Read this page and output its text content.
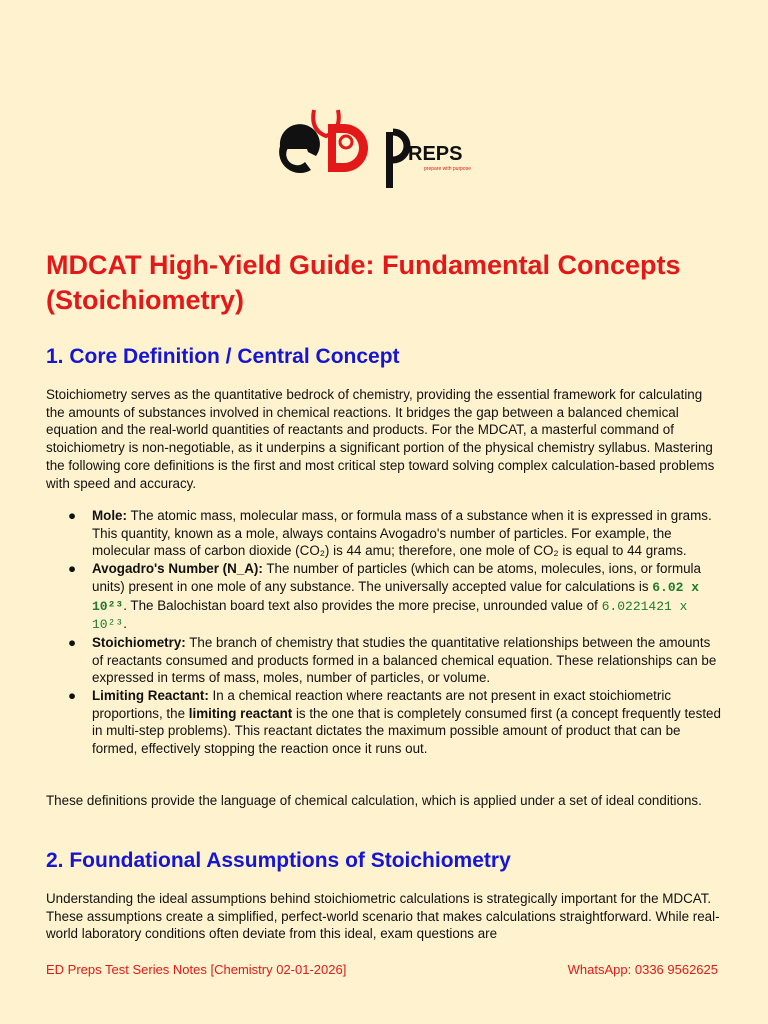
REPS
prepare with purpose
MDCAT High-Yield Guide: Fundamental Concepts (Stoichiometry)
1. Core Definition / Central Concept

Stoichiometry serves as the quantitative bedrock of chemistry, providing the essential framework for calculating the amounts of substances involved in chemical reactions. It bridges the gap between a balanced chemical equation and the real-world quantities of reactants and products. For the MDCAT, a masterful command of stoichiometry is non-negotiable, as it underpins a significant portion of the physical chemistry syllabus. Mastering the following core definitions is the first and most critical step toward solving complex calculation-based problems with speed and accuracy.

● Mole: The atomic mass, molecular mass, or formula mass of a substance when it is expressed in grams. This quantity, known as a mole, always contains Avogadro's number of particles. For example, the molecular mass of carbon dioxide (CO₂) is 44 amu; therefore, one mole of CO₂ is equal to 44 grams.
● Avogadro's Number (N_A): The number of particles (which can be atoms, molecules, ions, or formula units) present in one mole of any substance. The universally accepted value for calculations is 6.02 x 10²³. The Balochistan board text also provides the more precise, unrounded value of 6.0221421 x 10²³.
● Stoichiometry: The branch of chemistry that studies the quantitative relationships between the amounts of reactants consumed and products formed in a balanced chemical equation. These relationships can be expressed in terms of mass, moles, number of particles, or volume.
● Limiting Reactant: In a chemical reaction where reactants are not present in exact stoichiometric proportions, the limiting reactant is the one that is completely consumed first (a concept frequently tested in multi-step problems). This reactant dictates the maximum possible amount of product that can be formed, effectively stopping the reaction once it runs out.

These definitions provide the language of chemical calculation, which is applied under a set of ideal conditions.

2. Foundational Assumptions of Stoichiometry

Understanding the ideal assumptions behind stoichiometric calculations is strategically important for the MDCAT. These assumptions create a simplified, perfect-world scenario that makes calculations straightforward. While real-world laboratory conditions often deviate from this ideal, exam questions are

ED Preps Test Series Notes [Chemistry 02-01-2026]	WhatsApp: 0336 9562625
